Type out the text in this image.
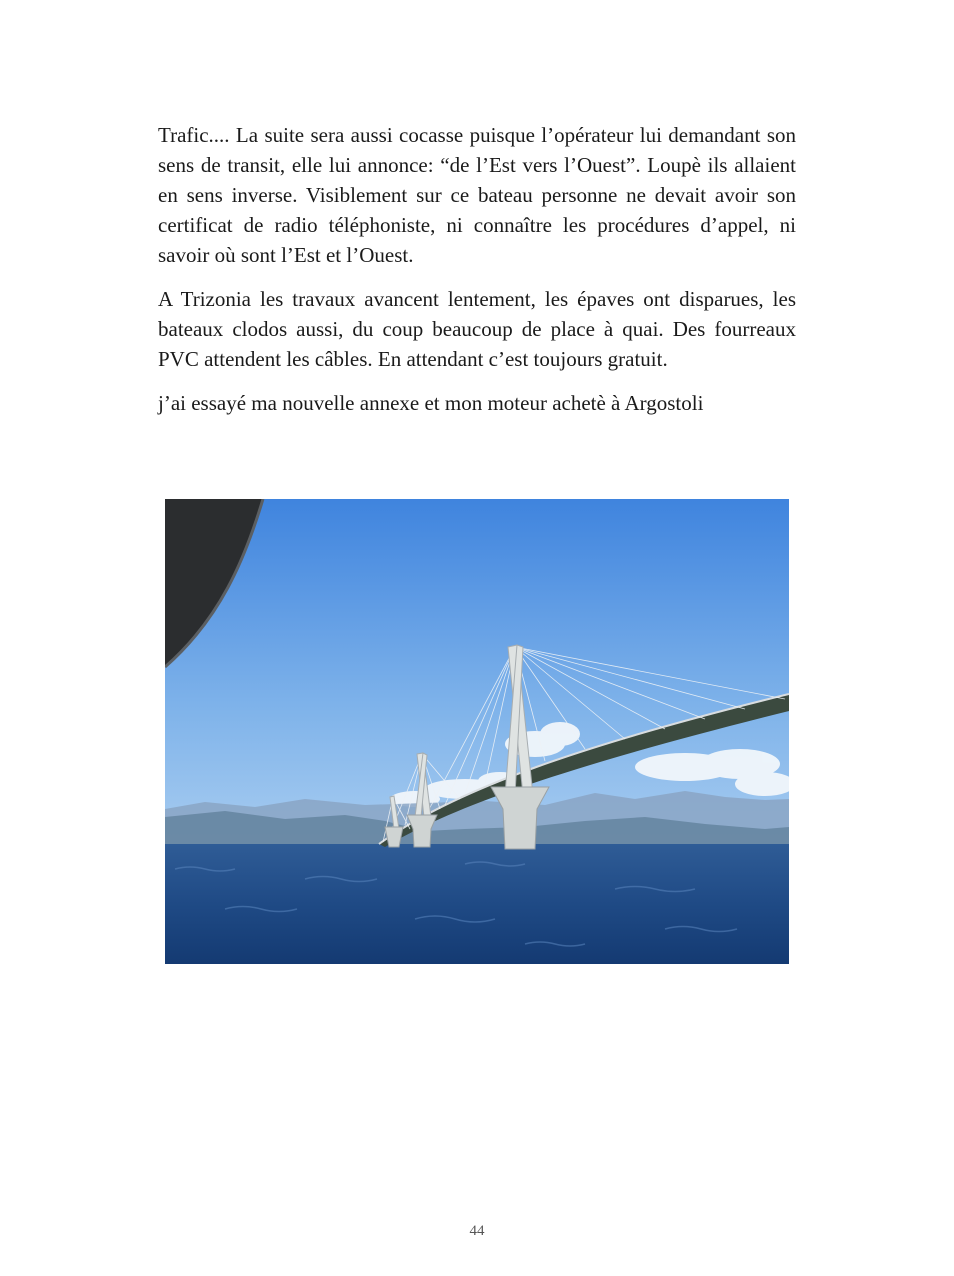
Trafic.... La suite sera aussi cocasse puisque l’opérateur lui demandant son sens de transit, elle lui annonce: “de l’Est vers l’Ouest”. Loupè ils allaient en sens inverse. Visiblement sur ce bateau personne ne devait avoir son certificat de radio téléphoniste, ni connaître les procédures d’appel, ni savoir où sont l’Est et l’Ouest.

A Trizonia les travaux avancent lentement, les épaves ont disparues, les bateaux clodos aussi, du coup beaucoup de place à quai. Des fourreaux PVC attendent les câbles. En attendant c’est toujours gratuit.

j’ai essayé ma nouvelle annexe et mon moteur achetè à Argostoli

44
